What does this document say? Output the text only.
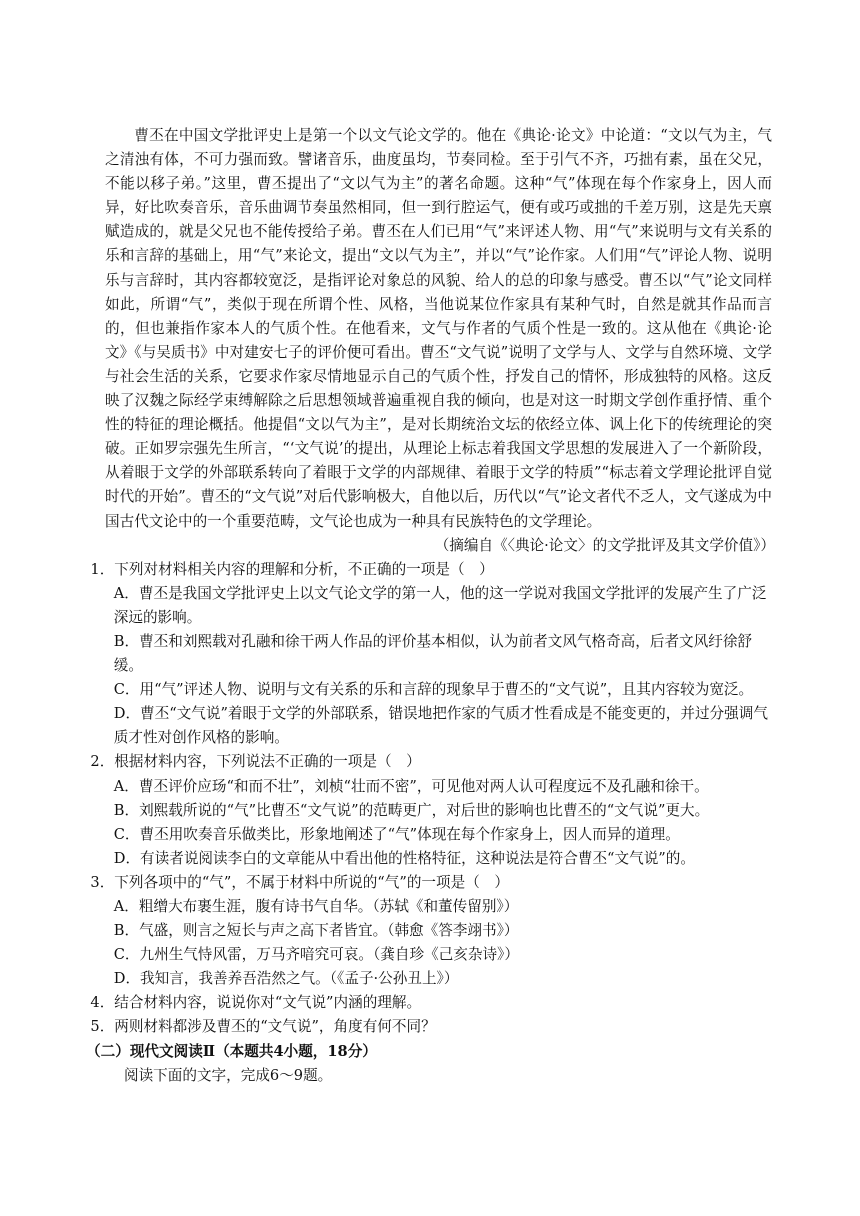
曹丕在中国文学批评史上是第一个以文气论文学的。他在《典论·论文》中论道：“文以气为主，气之清浊有体，不可力强而致。譬诸音乐，曲度虽均，节奏同检。至于引气不齐，巧拙有素，虽在父兄，不能以移子弟。”这里，曹丕提出了“文以气为主”的著名命题。这种“气”体现在每个作家身上，因人而异，好比吹奏音乐，音乐曲调节奏虽然相同，但一到行腔运气，便有或巧或拙的千差万别，这是先天禀赋造成的，就是父兄也不能传授给子弟。曹丕在人们已用“气”来评述人物、用“气”来说明与文有关系的乐和言辞的基础上，用“气”来论文，提出“文以气为主”，并以“气”论作家。人们用“气”评论人物、说明乐与言辞时，其内容都较宽泛，是指评论对象总的风貌、给人的总的印象与感受。曹丕以“气”论文同样如此，所谓“气”，类似于现在所谓个性、风格，当他说某位作家具有某种气时，自然是就其作品而言的，但也兼指作家本人的气质个性。在他看来，文气与作者的气质个性是一致的。这从他在《典论·论文》《与吴质书》中对建安七子的评价便可看出。曹丕“文气说”说明了文学与人、文学与自然环境、文学与社会生活的关系，它要求作家尽情地显示自己的气质个性，抒发自己的情怀，形成独特的风格。这反映了汉魏之际经学束缚解除之后思想领域普遍重视自我的倾向，也是对这一时期文学创作重抒情、重个性的特征的理论概括。他提倡“文以气为主”，是对长期统治文坛的依经立体、讽上化下的传统理论的突破。正如罗宗强先生所言，“‘文气说’的提出，从理论上标志着我国文学思想的发展进入了一个新阶段，从着眼于文学的外部联系转向了着眼于文学的内部规律、着眼于文学的特质”“标志着文学理论批评自觉时代的开始”。曹丕的“文气说”对后代影响极大，自他以后，历代以“气”论文者代不乏人，文气遂成为中国古代文论中的一个重要范畴，文气论也成为一种具有民族特色的文学理论。

（摘编自《〈典论·论文〉的文学批评及其文学价值》）

1．下列对材料相关内容的理解和分析，不正确的一项是（　）

A．曹丕是我国文学批评史上以文气论文学的第一人，他的这一学说对我国文学批评的发展产生了广泛深远的影响。

B．曹丕和刘熙载对孔融和徐干两人作品的评价基本相似，认为前者文风气格奇高，后者文风纡徐舒缓。

C．用“气”评述人物、说明与文有关系的乐和言辞的现象早于曹丕的“文气说”，且其内容较为宽泛。

D．曹丕“文气说”着眼于文学的外部联系，错误地把作家的气质才性看成是不能变更的，并过分强调气质才性对创作风格的影响。

2．根据材料内容，下列说法不正确的一项是（　）

A．曹丕评价应玚“和而不壮”，刘桢“壮而不密”，可见他对两人认可程度远不及孔融和徐干。

B．刘熙载所说的“气”比曹丕“文气说”的范畴更广，对后世的影响也比曹丕的“文气说”更大。

C．曹丕用吹奏音乐做类比，形象地阐述了“气”体现在每个作家身上，因人而异的道理。

D．有读者说阅读李白的文章能从中看出他的性格特征，这种说法是符合曹丕“文气说”的。

3．下列各项中的“气”，不属于材料中所说的“气”的一项是（　）

A．粗缯大布裹生涯，腹有诗书气自华。（苏轼《和董传留别》）

B．气盛，则言之短长与声之高下者皆宜。（韩愈《答李翊书》）

C．九州生气恃风雷，万马齐喑究可哀。（龚自珍《己亥杂诗》）

D．我知言，我善养吾浩然之气。（《孟子·公孙丑上》）

4．结合材料内容，说说你对“文气说”内涵的理解。

5．两则材料都涉及曹丕的“文气说”，角度有何不同？

（二）现代文阅读Ⅱ（本题共4小题，18分）

阅读下面的文字，完成6～9题。
